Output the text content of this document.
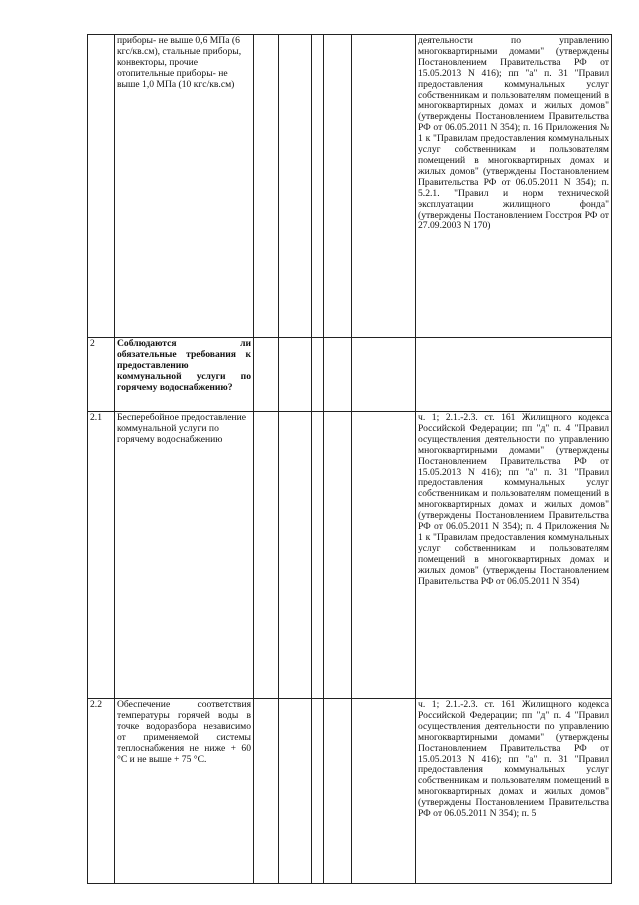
	приборы- не выше 0,6 МПа (6 кгс/кв.см), стальные приборы, конвекторы, прочие отопительные приборы- не выше 1,0 МПа (10 кгс/кв.см)						деятельности по управлению многоквартирными домами" (утверждены Постановлением Правительства РФ от 15.05.2013 N 416); пп "а" п. 31 "Правил предоставления коммунальных услуг собственникам и пользователям помещений в многоквартирных домах и жилых домов" (утверждены Постановлением Правительства РФ от 06.05.2011 N 354); п. 16 Приложения № 1 к "Правилам предоставления коммунальных услуг собственникам и пользователям помещений в многоквартирных домах и жилых домов" (утверждены Постановлением Правительства РФ от 06.05.2011 N 354); п. 5.2.1. "Правил и норм технической эксплуатации жилищного фонда" (утверждены Постановлением Госстроя РФ от 27.09.2003 N 170)
2	Соблюдаются ли обязательные требования к предоставлению коммунальной услуги по горячему водоснабжению?						
2.1	Бесперебойное предоставление коммунальной услуги по горячему водоснабжению						ч. 1; 2.1.-2.3. ст. 161 Жилищного кодекса Российской Федерации; пп "д" п. 4 "Правил осуществления деятельности по управлению многоквартирными домами" (утверждены Постановлением Правительства РФ от 15.05.2013 N 416); пп "а" п. 31 "Правил предоставления коммунальных услуг собственникам и пользователям помещений в многоквартирных домах и жилых домов" (утверждены Постановлением Правительства РФ от 06.05.2011 N 354); п. 4 Приложения № 1 к "Правилам предоставления коммунальных услуг собственникам и пользователям помещений в многоквартирных домах и жилых домов" (утверждены Постановлением Правительства РФ от 06.05.2011 N 354)
2.2	Обеспечение соответствия температуры горячей воды в точке водоразбора независимо от применяемой системы теплоснабжения не ниже + 60 °C и не выше + 75 °C.						ч. 1; 2.1.-2.3. ст. 161 Жилищного кодекса Российской Федерации; пп "д" п. 4 "Правил осуществления деятельности по управлению многоквартирными домами" (утверждены Постановлением Правительства РФ от 15.05.2013 N 416); пп "а" п. 31 "Правил предоставления коммунальных услуг собственникам и пользователям помещений в многоквартирных домах и жилых домов" (утверждены Постановлением Правительства РФ от 06.05.2011 N 354); п. 5
